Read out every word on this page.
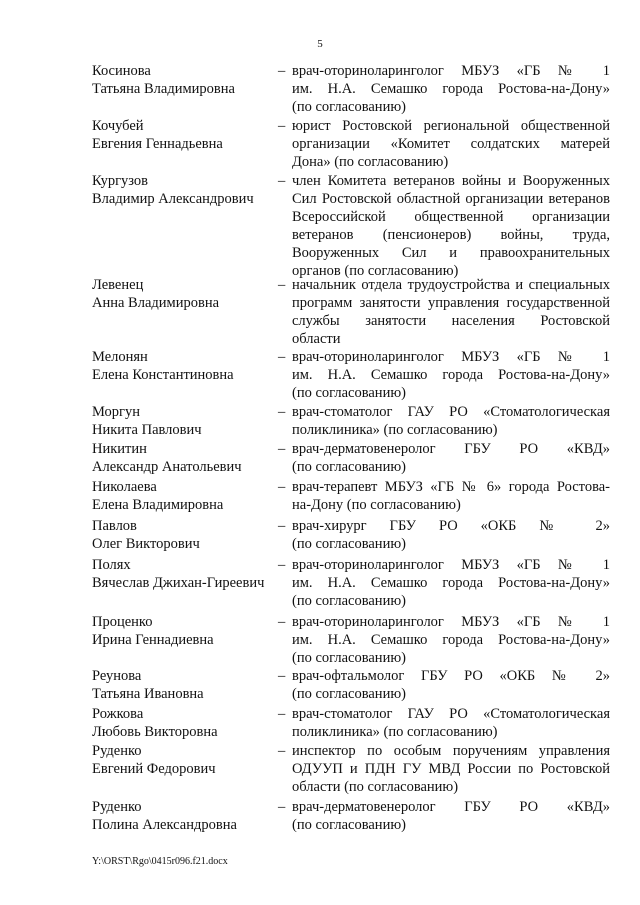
5
Косинова
Татьяна Владимировна
– врач-оториноларинголог МБУЗ «ГБ № 1
им. Н.А. Семашко города Ростова-на-Дону»
(по согласованию)
Кочубей
Евгения Геннадьевна
– юрист Ростовской региональной общественной
организации «Комитет солдатских матерей
Дона» (по согласованию)
Кургузов
Владимир Александрович
– член Комитета ветеранов войны и Вооруженных
Сил Ростовской областной организации ветеранов
Всероссийской общественной организации
ветеранов (пенсионеров) войны, труда,
Вооруженных Сил и правоохранительных
органов (по согласованию)
Левенец
Анна Владимировна
– начальник отдела трудоустройства и специальных
программ занятости управления государственной
службы занятости населения Ростовской
области
Мелонян
Елена Константиновна
– врач-оториноларинголог МБУЗ «ГБ № 1
им. Н.А. Семашко города Ростова-на-Дону»
(по согласованию)
Моргун
Никита Павлович
– врач-стоматолог ГАУ РО «Стоматологическая
поликлиника» (по согласованию)
Никитин
Александр Анатольевич
– врач-дерматовенеролог ГБУ РО «КВД»
(по согласованию)
Николаева
Елена Владимировна
– врач-терапевт МБУЗ «ГБ № 6» города Ростова-
на-Дону (по согласованию)
Павлов
Олег Викторович
– врач-хирург ГБУ РО «ОКБ № 2»
(по согласованию)
Полях
Вячеслав Джихан-Гиреевич
– врач-оториноларинголог МБУЗ «ГБ № 1
им. Н.А. Семашко города Ростова-на-Дону»
(по согласованию)
Проценко
Ирина Геннадиевна
– врач-оториноларинголог МБУЗ «ГБ № 1
им. Н.А. Семашко города Ростова-на-Дону»
(по согласованию)
Реунова
Татьяна Ивановна
– врач-офтальмолог ГБУ РО «ОКБ № 2»
(по согласованию)
Рожкова
Любовь Викторовна
– врач-стоматолог ГАУ РО «Стоматологическая
поликлиника» (по согласованию)
Руденко
Евгений Федорович
– инспектор по особым поручениям управления
ОДУУП и ПДН ГУ МВД России по Ростовской
области (по согласованию)
Руденко
Полина Александровна
– врач-дерматовенеролог ГБУ РО «КВД»
(по согласованию)
Y:\ORST\Rgo\0415r096.f21.docx
